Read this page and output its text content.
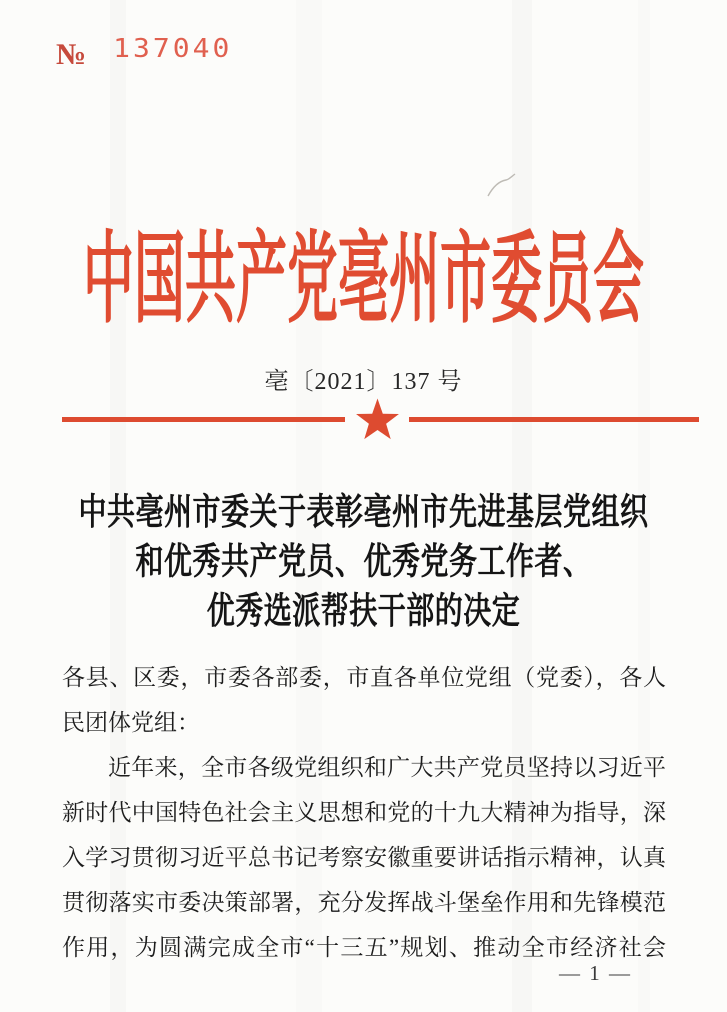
№ 137040
中国共产党亳州市委员会
亳〔2021〕137 号
中共亳州市委关于表彰亳州市先进基层党组织
和优秀共产党员、优秀党务工作者、
优秀选派帮扶干部的决定
各县、区委，市委各部委，市直各单位党组（党委），各人
民团体党组：
近年来，全市各级党组织和广大共产党员坚持以习近平
新时代中国特色社会主义思想和党的十九大精神为指导，深
入学习贯彻习近平总书记考察安徽重要讲话指示精神，认真
贯彻落实市委决策部署，充分发挥战斗堡垒作用和先锋模范
作用，为圆满完成全市“十三五”规划、推动全市经济社会
— 1 —
